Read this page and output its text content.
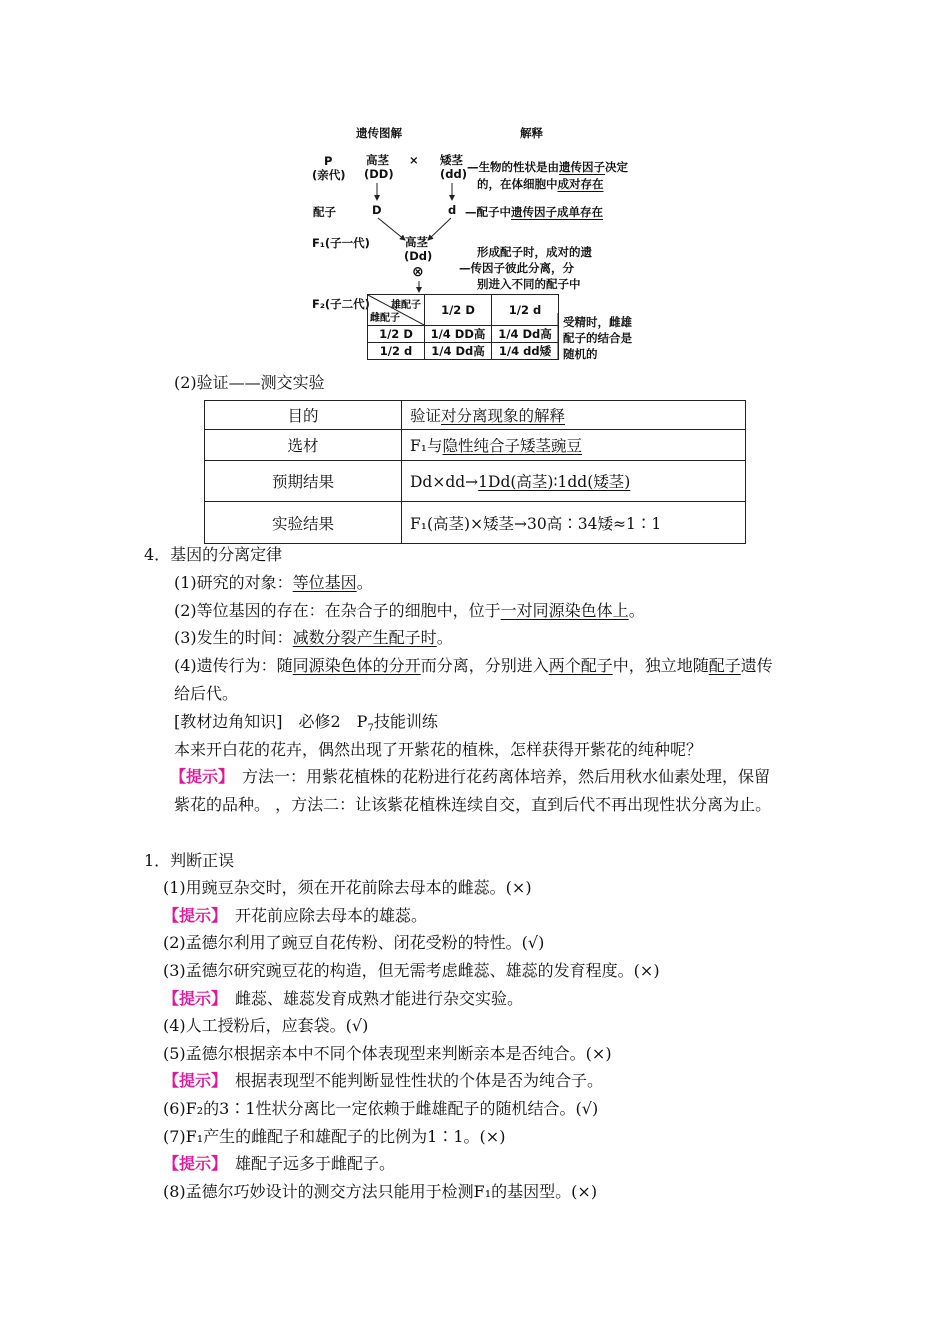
遗传图解	解释
P
(亲代)
高茎
(DD)
× 矮茎
(dd) —生物的性状是由遗传因子决定
的，在体细胞中成对存在
配子	D	d —配子中遗传因子成单存在
F₁(子一代)	高茎
(Dd)
⊗
形成配子时，成对的遗
—传因子彼此分离，分
别进入不同的配子中
F₂(子二代) 雄配子
雌配子	1/2 D	1/2 d
1/2 D	1/4 DD高	1/4 Dd高
1/2 d	1/4 Dd高	1/4 dd矮
受精时，雌雄
配子的结合是
随机的
(2)验证——测交实验
目的	验证对分离现象的解释
选材	F₁与隐性纯合子矮茎豌豆
预期结果	Dd×dd→1Dd(高茎)∶1dd(矮茎)
实验结果	F₁(高茎)×矮茎→30高∶34矮≈1∶1
4．基因的分离定律
(1)研究的对象：等位基因。
(2)等位基因的存在：在杂合子的细胞中，位于一对同源染色体上。
(3)发生的时间：减数分裂产生配子时。
(4)遗传行为：随同源染色体的分开而分离，分别进入两个配子中，独立地随配子遗传
给后代。
[教材边角知识]　必修2　$P_7$技能训练
本来开白花的花卉，偶然出现了开紫花的植株，怎样获得开紫花的纯种呢？
【提示】　方法一：用紫花植株的花粉进行花药离体培养，然后用秋水仙素处理，保留
紫花的品种。 ，方法二：让该紫花植株连续自交，直到后代不再出现性状分离为止。
1．判断正误
(1)用豌豆杂交时，须在开花前除去母本的雌蕊。(×)
【提示】　开花前应除去母本的雄蕊。
(2)孟德尔利用了豌豆自花传粉、闭花受粉的特性。(√)
(3)孟德尔研究豌豆花的构造，但无需考虑雌蕊、雄蕊的发育程度。(×)
【提示】　雌蕊、雄蕊发育成熟才能进行杂交实验。
(4)人工授粉后，应套袋。(√)
(5)孟德尔根据亲本中不同个体表现型来判断亲本是否纯合。(×)
【提示】　根据表现型不能判断显性性状的个体是否为纯合子。
(6)F₂的3∶1性状分离比一定依赖于雌雄配子的随机结合。(√)
(7)F₁产生的雌配子和雄配子的比例为1∶1。(×)
【提示】　雄配子远多于雌配子。
(8)孟德尔巧妙设计的测交方法只能用于检测F₁的基因型。(×)
